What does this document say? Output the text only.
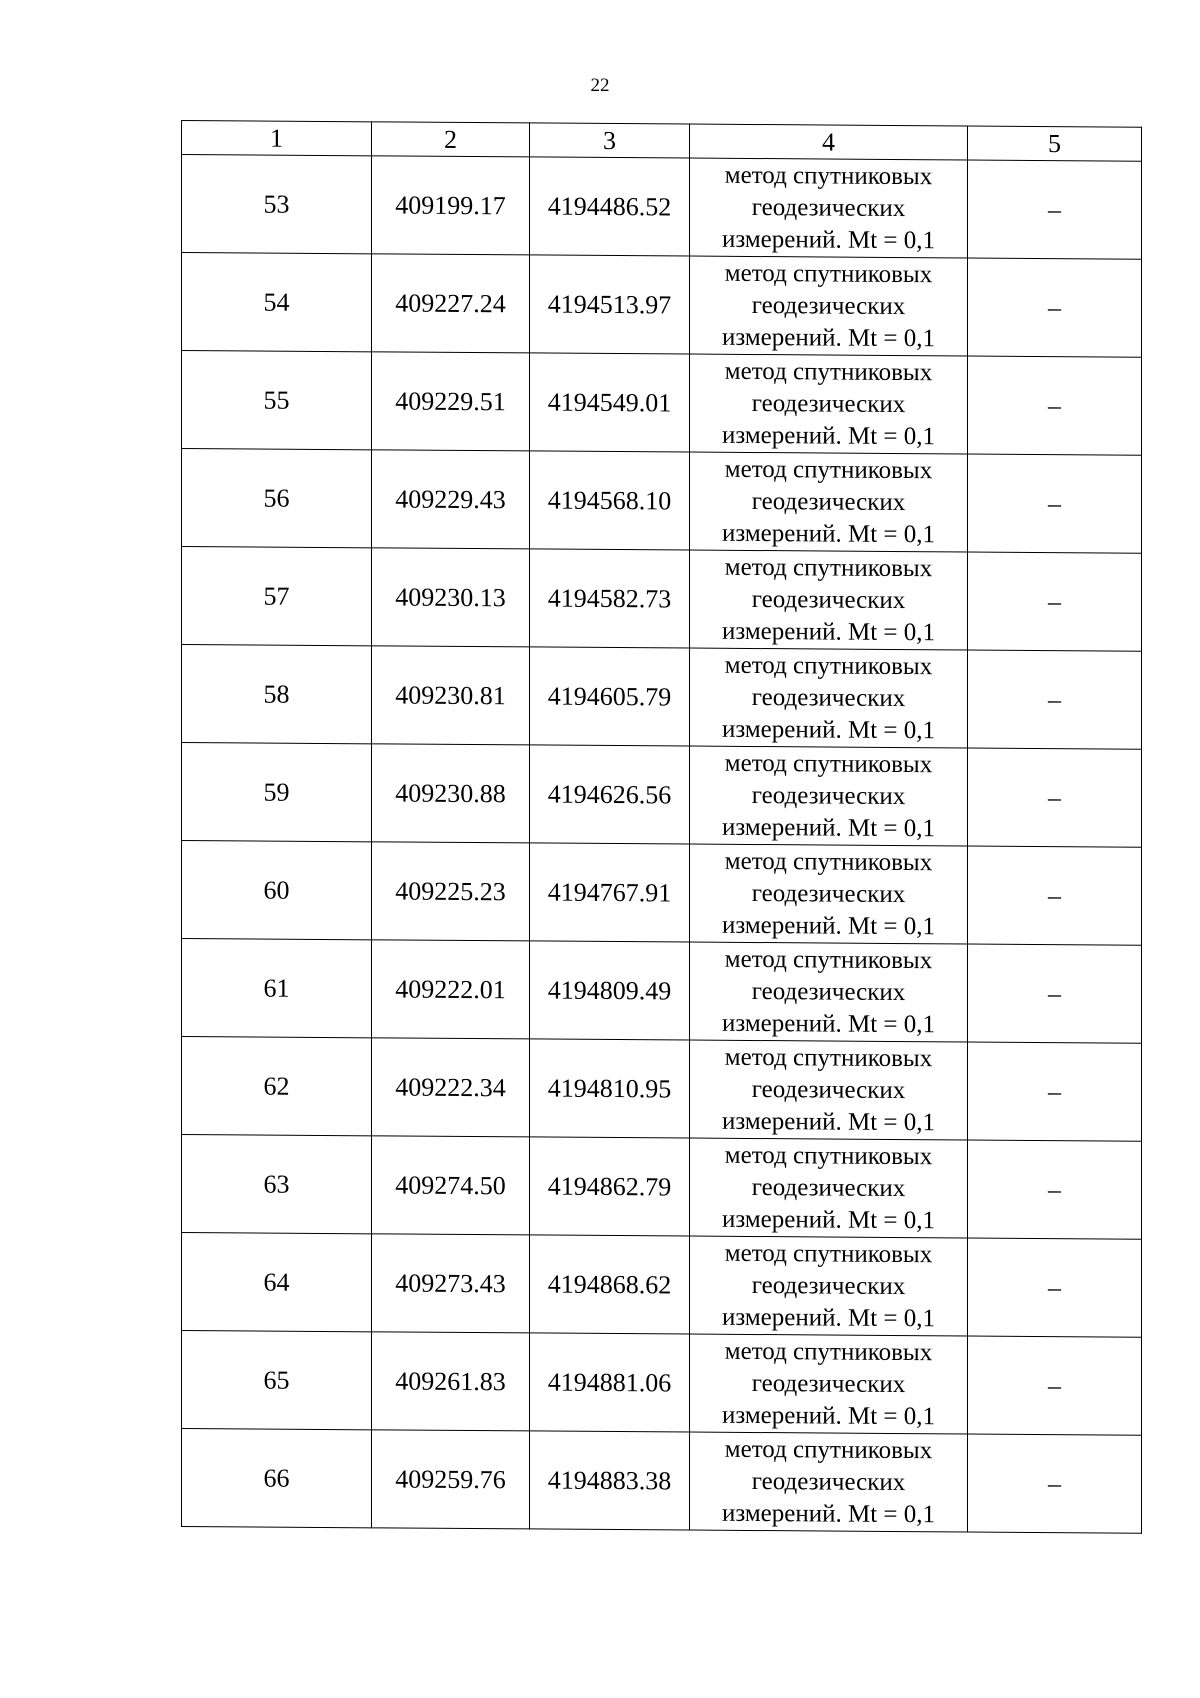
22
1	2	3	4	5
53	409199.17	4194486.52	метод спутниковых геодезических измерений. Mt = 0,1	–
54	409227.24	4194513.97	метод спутниковых геодезических измерений. Mt = 0,1	–
55	409229.51	4194549.01	метод спутниковых геодезических измерений. Mt = 0,1	–
56	409229.43	4194568.10	метод спутниковых геодезических измерений. Mt = 0,1	–
57	409230.13	4194582.73	метод спутниковых геодезических измерений. Mt = 0,1	–
58	409230.81	4194605.79	метод спутниковых геодезических измерений. Mt = 0,1	–
59	409230.88	4194626.56	метод спутниковых геодезических измерений. Mt = 0,1	–
60	409225.23	4194767.91	метод спутниковых геодезических измерений. Mt = 0,1	–
61	409222.01	4194809.49	метод спутниковых геодезических измерений. Mt = 0,1	–
62	409222.34	4194810.95	метод спутниковых геодезических измерений. Mt = 0,1	–
63	409274.50	4194862.79	метод спутниковых геодезических измерений. Mt = 0,1	–
64	409273.43	4194868.62	метод спутниковых геодезических измерений. Mt = 0,1	–
65	409261.83	4194881.06	метод спутниковых геодезических измерений. Mt = 0,1	–
66	409259.76	4194883.38	метод спутниковых геодезических измерений. Mt = 0,1	–
